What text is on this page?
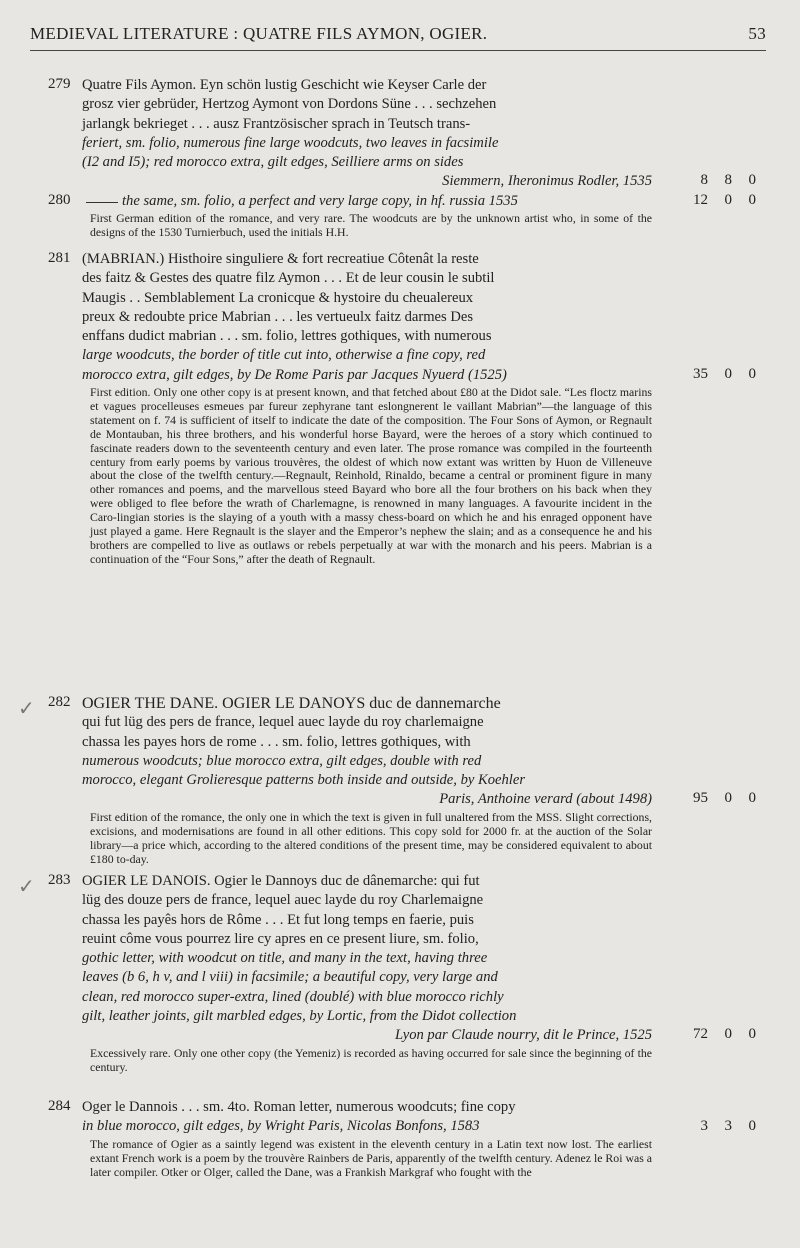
MEDIEVAL LITERATURE : QUATRE FILS AYMON, OGIER.	53
279 Quatre Fils Aymon. Eyn schön lustig Geschicht wie Keyser Carle der
grosz vier gebrüder, Hertzog Aymont von Dordons Süne . . . sechzehen
jarlangk bekrieget . . . ausz Frantzösischer sprach in Teutsch trans-
feriert, sm. folio, numerous fine large woodcuts, two leaves in facsimile
(I2 and I5); red morocco extra, gilt edges, Seilliere arms on sides
Siemmern, Iheronimus Rodler, 1535	8 8 0
280	the same, sm. folio, a perfect and very large copy, in hf. russia 1535	12 0 0
First German edition of the romance, and very rare. The woodcuts are by the unknown artist who, in some of the designs of the 1530 Turnierbuch, used the initials H.H.
281 (MABRIAN.) Histhoire singuliere & fort recreatiue Côtenât la reste
des faitz & Gestes des quatre filz Aymon . . . Et de leur cousin le subtil
Maugis . . Semblablement La cronicque & hystoire du cheualereux
preux & redoubte price Mabrian . . . les vertueulx faitz darmes Des
enffans dudict mabrian . . . sm. folio, lettres gothiques, with numerous
large woodcuts, the border of title cut into, otherwise a fine copy, red
morocco extra, gilt edges, by De Rome Paris par Jacques Nyuerd (1525)	35 0 0
First edition. Only one other copy is at present known, and that fetched about £80 at the Didot sale. “Les floctz marins et vagues procelleuses esmeues par fureur zephyrane tant eslongnerent le vaillant Mabrian”—the language of this statement on f. 74 is sufficient of itself to indicate the date of the composition. The Four Sons of Aymon, or Regnault de Montauban, his three brothers, and his wonderful horse Bayard, were the heroes of a story which continued to fascinate readers down to the seventeenth century and even later. The prose romance was compiled in the fourteenth century from early poems by various trouvères, the oldest of which now extant was written by Huon de Villeneuve about the close of the twelfth century.—Regnault, Reinhold, Rinaldo, became a central or prominent figure in many other romances and poems, and the marvellous steed Bayard who bore all the four brothers on his back when they were obliged to flee before the wrath of Charlemagne, is renowned in many languages. A favourite incident in the Caro-lingian stories is the slaying of a youth with a massy chess-board on which he and his enraged opponent have just played a game. Here Regnault is the slayer and the Emperor’s nephew the slain; and as a consequence he and his brothers are compelled to live as outlaws or rebels perpetually at war with the monarch and his peers. Mabrian is a continuation of the “Four Sons,” after the death of Regnault.
✓ 282 OGIER THE DANE. OGIER LE DANOYS duc de dannemarche
qui fut lüg des pers de france, lequel auec layde du roy charlemaigne
chassa les payes hors de rome . . . sm. folio, lettres gothiques, with
numerous woodcuts; blue morocco extra, gilt edges, double with red
morocco, elegant Grolieresque patterns both inside and outside, by Koehler
Paris, Anthoine verard (about 1498)	95 0 0
First edition of the romance, the only one in which the text is given in full unaltered from the MSS. Slight corrections, excisions, and modernisations are found in all other editions. This copy sold for 2000 fr. at the auction of the Solar library—a price which, according to the altered conditions of the present time, may be considered equivalent to about £180 to-day.
✓ 283 OGIER LE DANOIS. Ogier le Dannoys duc de dânemarche: qui fut
lüg des douze pers de france, lequel auec layde du roy Charlemaigne
chassa les payês hors de Rôme . . . Et fut long temps en faerie, puis
reuint côme vous pourrez lire cy apres en ce present liure, sm. folio,
gothic letter, with woodcut on title, and many in the text, having three
leaves (b 6, h v, and l viii) in facsimile; a beautiful copy, very large and
clean, red morocco super-extra, lined (doublé) with blue morocco richly
gilt, leather joints, gilt marbled edges, by Lortic, from the Didot collection
Lyon par Claude nourry, dit le Prince, 1525	72 0 0
Excessively rare. Only one other copy (the Yemeniz) is recorded as having occurred for sale since the beginning of the century.
284 Oger le Dannois . . . sm. 4to. Roman letter, numerous woodcuts; fine copy
in blue morocco, gilt edges, by Wright Paris, Nicolas Bonfons, 1583	3 3 0
The romance of Ogier as a saintly legend was existent in the eleventh century in a Latin text now lost. The earliest extant French work is a poem by the trouvère Rainbers de Paris, apparently of the twelfth century. Adenez le Roi was a later compiler. Otker or Olger, called the Dane, was a Frankish Markgraf who fought with the
